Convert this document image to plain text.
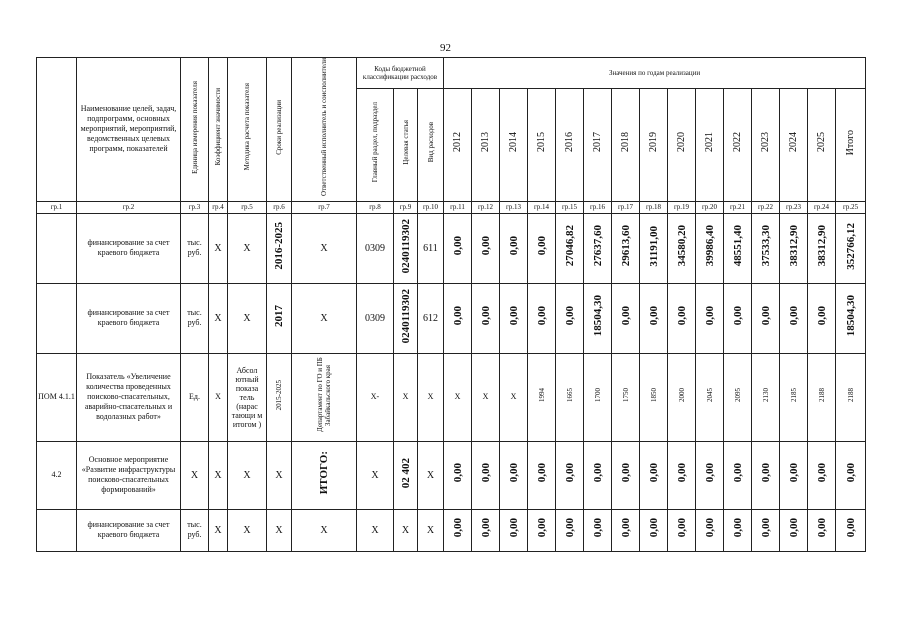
92
	Наименование целей, задач, подпрограмм, основных мероприятий, мероприятий, ведомственных целевых программ, показателей	Единица измерения показателя	Коэффициент значимости	Методика расчета показателя	Сроки реализации	Ответственный исполнитель и соисполнители	Коды бюджетной классификации расходов			Значения по годам реализации														
							Главный раздел, подраздел	Целевая статья	Вид расходов	2012	2013	2014	2015	2016	2017	2018	2019	2020	2021	2022	2023	2024	2025	Итого
гр.1	гр.2	гр.3	гр.4	гр.5	гр.6	гр.7	гр.8	гр.9	гр.10	гр.11	гр.12	гр.13	гр.14	гр.15	гр.16	гр.17	гр.18	гр.19	гр.20	гр.21	гр.22	гр.23	гр.24	гр.25
	финансирование за счет краевого бюджета	тыс. руб.	Х	Х	2016-2025	Х	0309	0240119302	611	0,00	0,00	0,00	0,00	27046,82	27637,60	29613,60	31191,00	34580,20	39986,40	48551,40	37533,30	38312,90	38312,90	352766,12
	финансирование за счет краевого бюджета	тыс. руб.	Х	Х	2017	Х	0309	0240119302	612	0,00	0,00	0,00	0,00	0,00	18504,30	0,00	0,00	0,00	0,00	0,00	0,00	0,00	0,00	18504,30
ПОМ 4.1.1	Показатель «Увеличение количества проведенных поисково-спасательных, аварийно-спасательных и водолазных работ»	Ед.	Х	Абсол ютный показа тель (нарас тающи м итогом )	2015-2025	Департамент по ГО и ПБ Забайкальского края	Х-	Х	Х	Х	Х	Х	1994	1665	1700	1750	1850	2000	2045	2095	2130	2185	2188	2188
4.2	Основное мероприятие «Развитие инфраструктуры поисково-спасательных формирований»	Х	Х	Х	Х	ИТОГО:	Х	02 402	Х	0,00	0,00	0,00	0,00	0,00	0,00	0,00	0,00	0,00	0,00	0,00	0,00	0,00	0,00	0,00
	финансирование за счет краевого бюджета	тыс. руб.	Х	Х	Х	Х	Х	Х	Х	0,00	0,00	0,00	0,00	0,00	0,00	0,00	0,00	0,00	0,00	0,00	0,00	0,00	0,00	0,00
